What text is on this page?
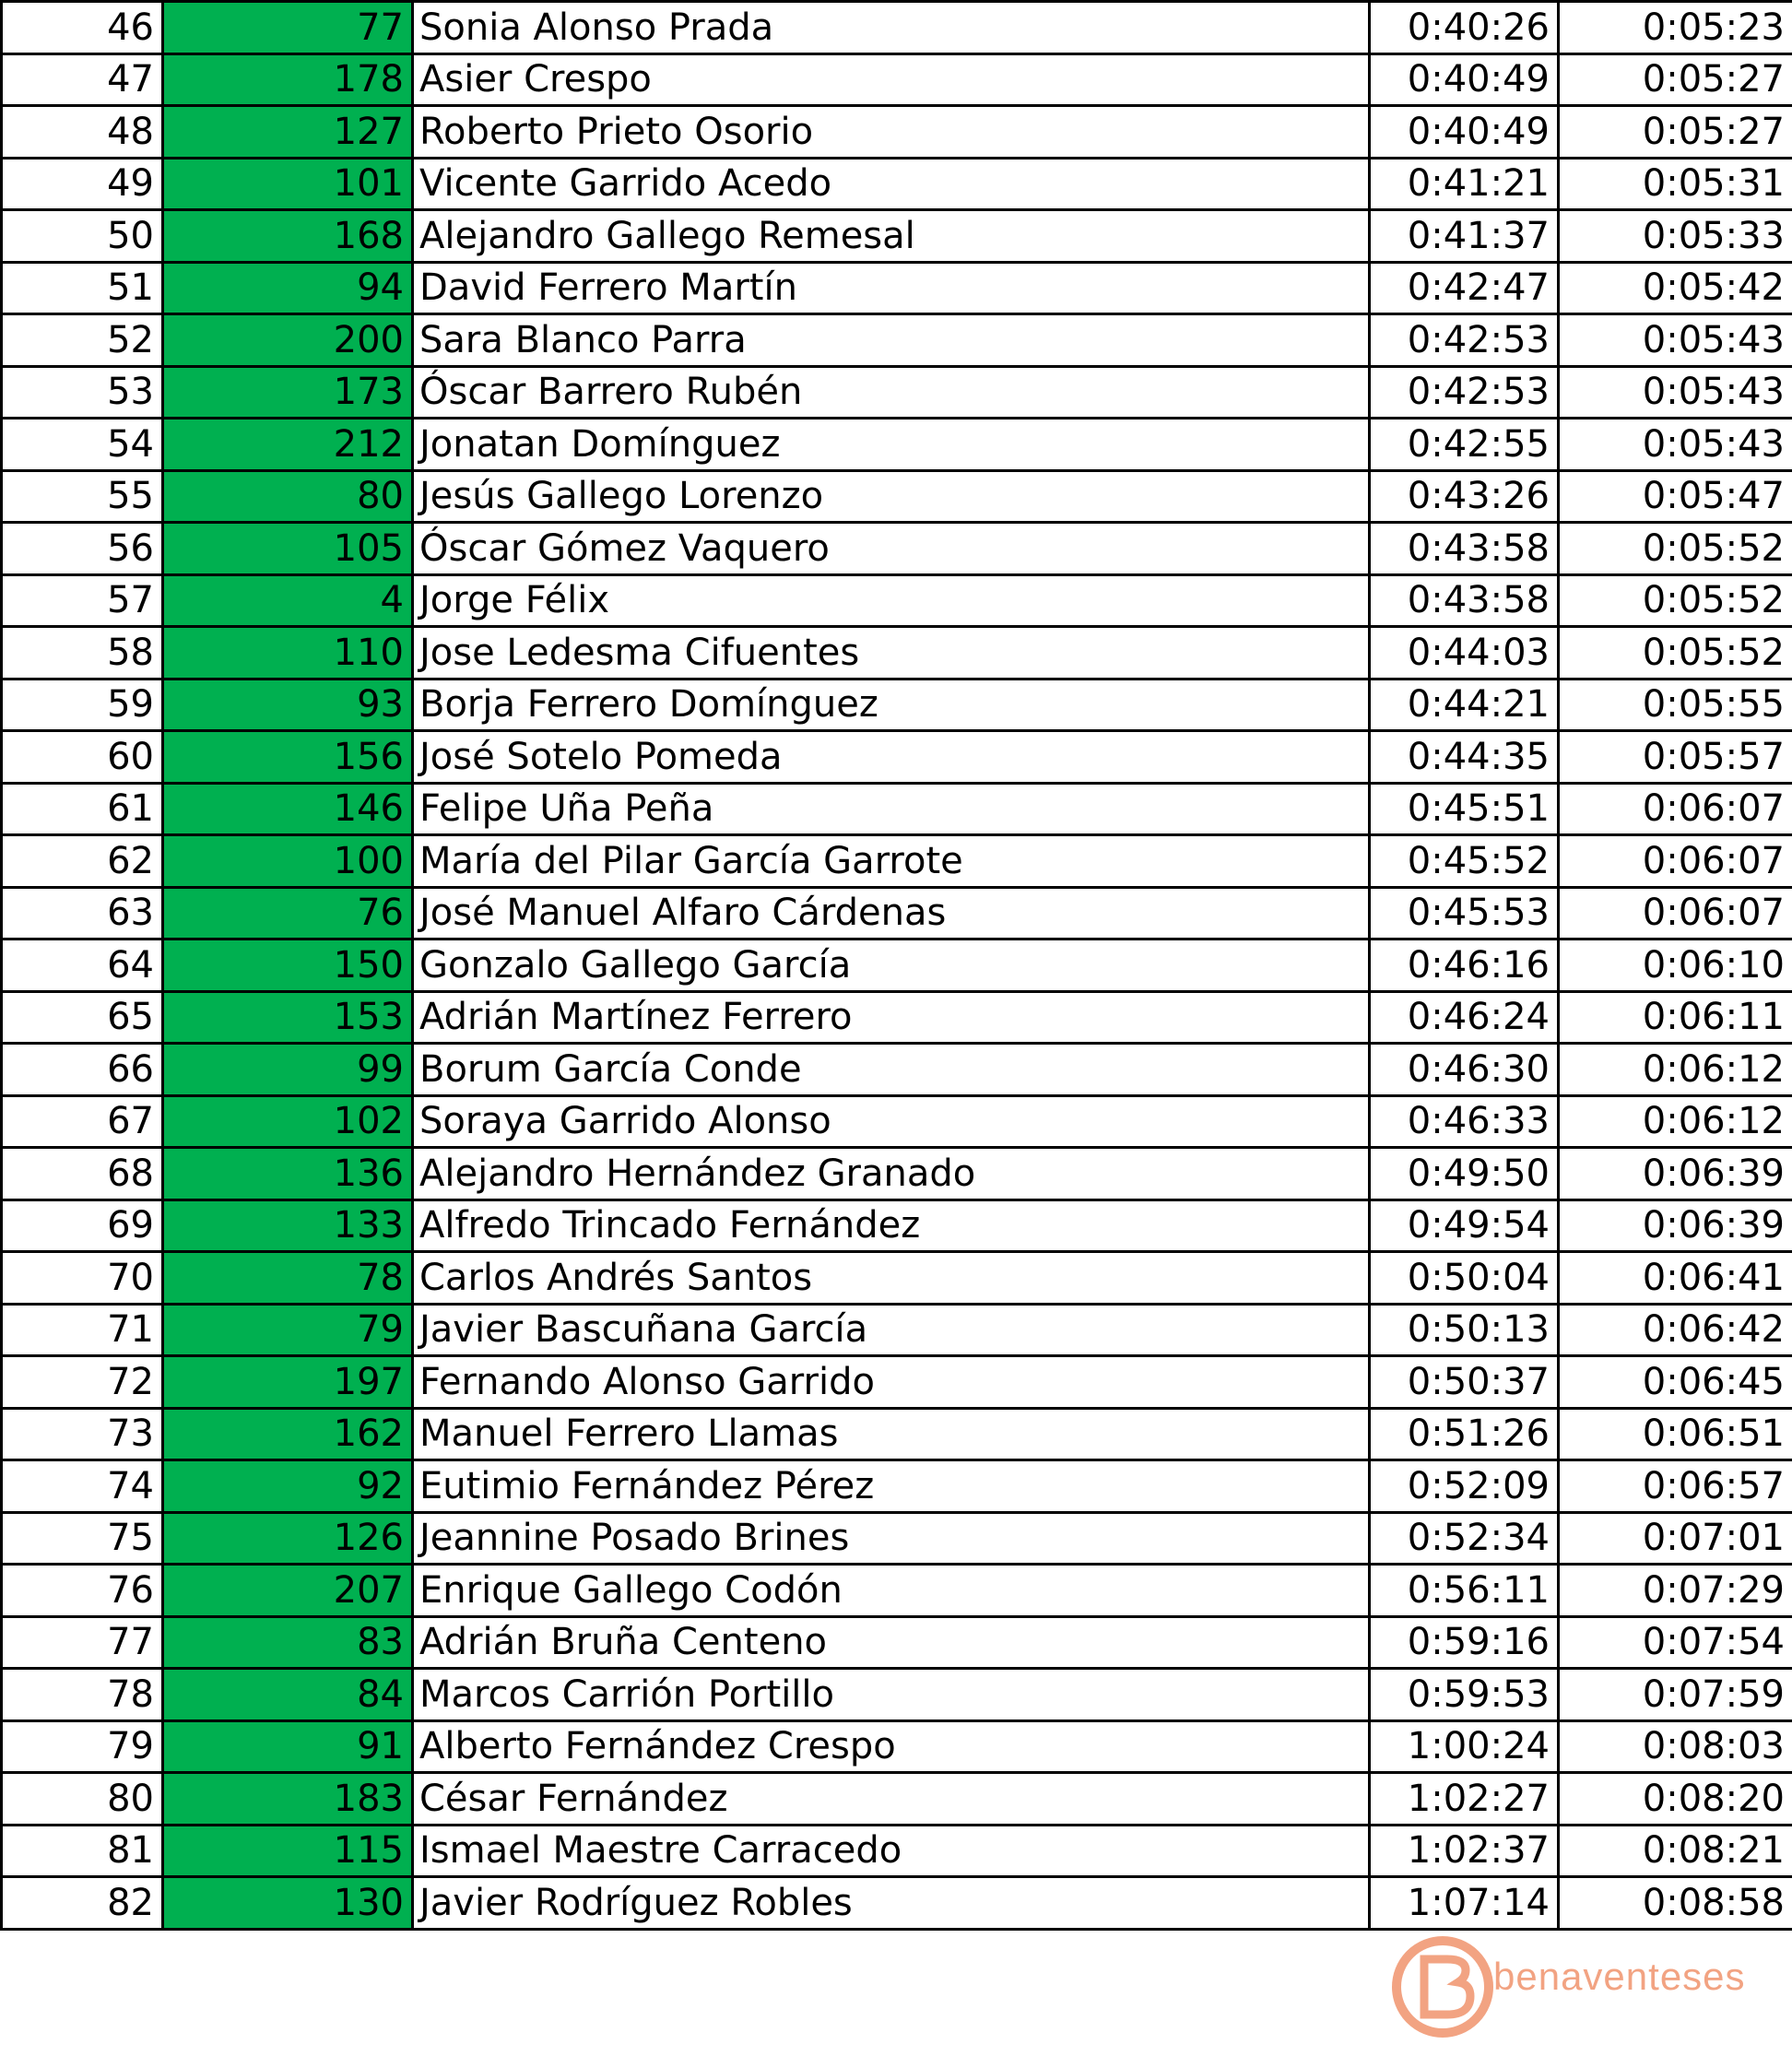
46	77	Sonia Alonso Prada	0:40:26	0:05:23
47	178	Asier Crespo	0:40:49	0:05:27
48	127	Roberto Prieto Osorio	0:40:49	0:05:27
49	101	Vicente Garrido Acedo	0:41:21	0:05:31
50	168	Alejandro Gallego Remesal	0:41:37	0:05:33
51	94	David Ferrero Martín	0:42:47	0:05:42
52	200	Sara Blanco Parra	0:42:53	0:05:43
53	173	Óscar Barrero Rubén	0:42:53	0:05:43
54	212	Jonatan Domínguez	0:42:55	0:05:43
55	80	Jesús Gallego Lorenzo	0:43:26	0:05:47
56	105	Óscar Gómez Vaquero	0:43:58	0:05:52
57	4	Jorge Félix	0:43:58	0:05:52
58	110	Jose Ledesma Cifuentes	0:44:03	0:05:52
59	93	Borja Ferrero Domínguez	0:44:21	0:05:55
60	156	José Sotelo Pomeda	0:44:35	0:05:57
61	146	Felipe Uña Peña	0:45:51	0:06:07
62	100	María del Pilar García Garrote	0:45:52	0:06:07
63	76	José Manuel Alfaro Cárdenas	0:45:53	0:06:07
64	150	Gonzalo Gallego García	0:46:16	0:06:10
65	153	Adrián Martínez Ferrero	0:46:24	0:06:11
66	99	Borum García Conde	0:46:30	0:06:12
67	102	Soraya Garrido Alonso	0:46:33	0:06:12
68	136	Alejandro Hernández Granado	0:49:50	0:06:39
69	133	Alfredo Trincado Fernández	0:49:54	0:06:39
70	78	Carlos Andrés Santos	0:50:04	0:06:41
71	79	Javier Bascuñana García	0:50:13	0:06:42
72	197	Fernando Alonso Garrido	0:50:37	0:06:45
73	162	Manuel Ferrero Llamas	0:51:26	0:06:51
74	92	Eutimio Fernández Pérez	0:52:09	0:06:57
75	126	Jeannine Posado Brines	0:52:34	0:07:01
76	207	Enrique Gallego Codón	0:56:11	0:07:29
77	83	Adrián Bruña Centeno	0:59:16	0:07:54
78	84	Marcos Carrión Portillo	0:59:53	0:07:59
79	91	Alberto Fernández Crespo	1:00:24	0:08:03
80	183	César Fernández	1:02:27	0:08:20
81	115	Ismael Maestre Carracedo	1:02:37	0:08:21
82	130	Javier Rodríguez Robles	1:07:14	0:08:58
benaventeses
